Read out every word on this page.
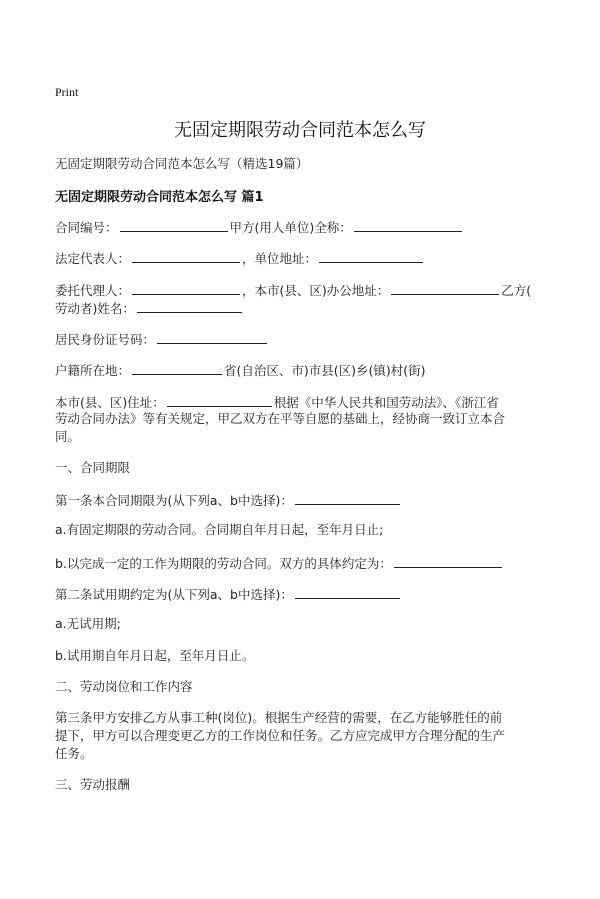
Print
无固定期限劳动合同范本怎么写
无固定期限劳动合同范本怎么写（精选19篇）
无固定期限劳动合同范本怎么写 篇1
合同编号：	甲方(用人单位)全称：
法定代表人：	，单位地址：
委托代理人：	，本市(县、区)办公地址：	乙方(
劳动者)姓名：
居民身份证号码：
户籍所在地：	省(自治区、市)市县(区)乡(镇)村(街)
本市(县、区)住址：	根据《中华人民共和国劳动法》、《浙江省
劳动合同办法》等有关规定，甲乙双方在平等自愿的基础上，经协商一致订立本合
同。
一、合同期限
第一条本合同期限为(从下列a、b中选择)：
a.有固定期限的劳动合同。合同期自年月日起，至年月日止;
b.以完成一定的工作为期限的劳动合同。双方的具体约定为：
第二条试用期约定为(从下列a、b中选择)：
a.无试用期;
b.试用期自年月日起，至年月日止。
二、劳动岗位和工作内容
第三条甲方安排乙方从事工种(岗位)。根据生产经营的需要，在乙方能够胜任的前
提下，甲方可以合理变更乙方的工作岗位和任务。乙方应完成甲方合理分配的生产
任务。
三、劳动报酬
